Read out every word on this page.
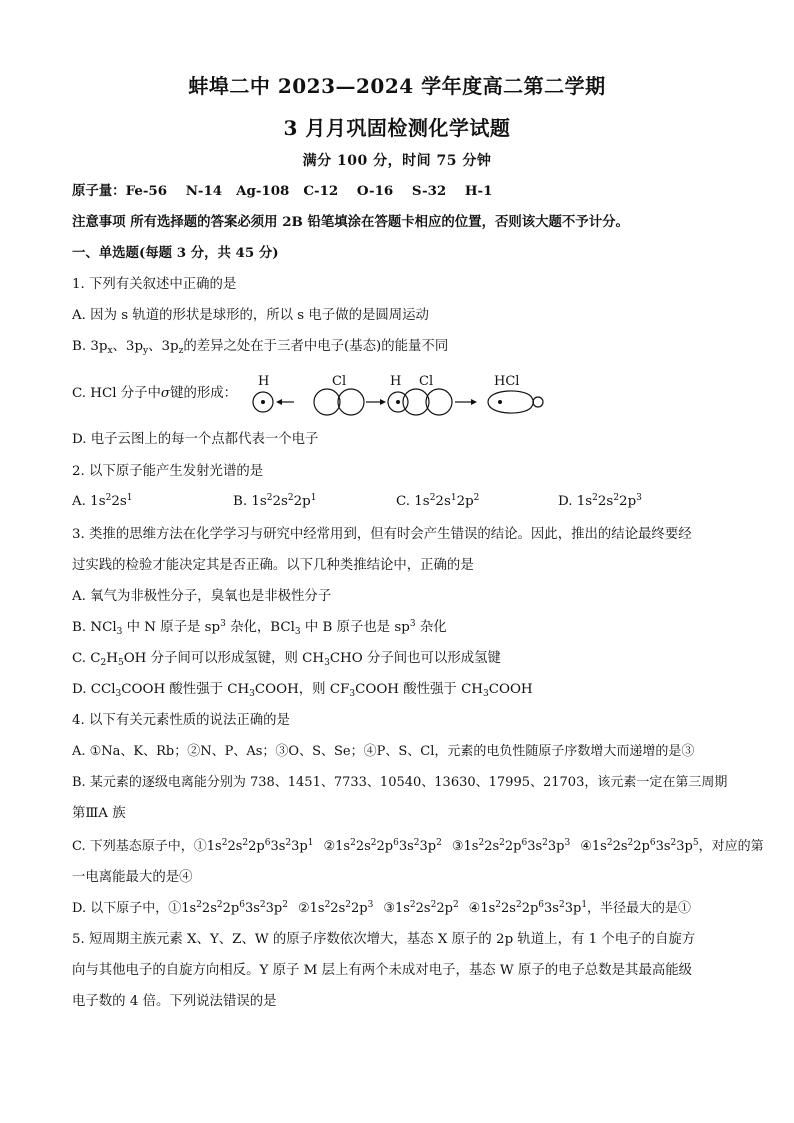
蚌埠二中 2023—2024 学年度高二第二学期
3 月月巩固检测化学试题
满分 100 分，时间 75 分钟
原子量：Fe-56    N-14   Ag-108   C-12    O-16    S-32    H-1
注意事项 所有选择题的答案必须用 2B 铅笔填涂在答题卡相应的位置，否则该大题不予计分。
一、单选题(每题 3 分，共 45 分)
1. 下列有关叙述中正确的是
A. 因为 s 轨道的形状是球形的，所以 s 电子做的是圆周运动
B. $3p_x$、$3p_y$、$3p_z$的差异之处在于三者中电子(基态)的能量不同
C. HCl 分子中σ键的形成：
H	Cl	H Cl	HCl
D. 电子云图上的每一个点都代表一个电子
2. 以下原子能产生发射光谱的是
A. $1s^22s^1$	B. $1s^22s^22p^1$	C. $1s^22s^12p^2$	D. $1s^22s^22p^3$
3. 类推的思维方法在化学学习与研究中经常用到，但有时会产生错误的结论。因此，推出的结论最终要经
过实践的检验才能决定其是否正确。以下几种类推结论中，正确的是
A. 氧气为非极性分子，臭氧也是非极性分子
B. NCl$_3$ 中 N 原子是 $sp^3$ 杂化，BCl$_3$ 中 B 原子也是 $sp^3$ 杂化
C. $C_2H_5OH$ 分子间可以形成氢键，则 $CH_3CHO$ 分子间也可以形成氢键
D. CCl$_3$COOH 酸性强于 $CH_3COOH$，则 $CF_3COOH$ 酸性强于 $CH_3COOH$
4. 以下有关元素性质的说法正确的是
A. ①Na、K、Rb；②N、P、As；③O、S、Se；④P、S、Cl，元素的电负性随原子序数增大而递增的是③
B. 某元素的逐级电离能分别为 738、1451、7733、10540、13630、17995、21703，该元素一定在第三周期
第ⅢA 族
C. 下列基态原子中，$①1s^22s^22p^63s^23p^1$ $②1s^22s^22p^63s^23p^2$ $③1s^22s^22p^63s^23p^3$ $④1s^22s^22p^63s^23p^5$，对应的第
一电离能最大的是④
D. 以下原子中，$①1s^22s^22p^63s^23p^2$ $②1s^22s^22p^3$ $③1s^22s^22p^2$ $④1s^22s^22p^63s^23p^1$，半径最大的是①
5. 短周期主族元素 X、Y、Z、W 的原子序数依次增大，基态 X 原子的 2p 轨道上，有 1 个电子的自旋方
向与其他电子的自旋方向相反。Y 原子 M 层上有两个未成对电子，基态 W 原子的电子总数是其最高能级
电子数的 4 倍。下列说法错误的是
